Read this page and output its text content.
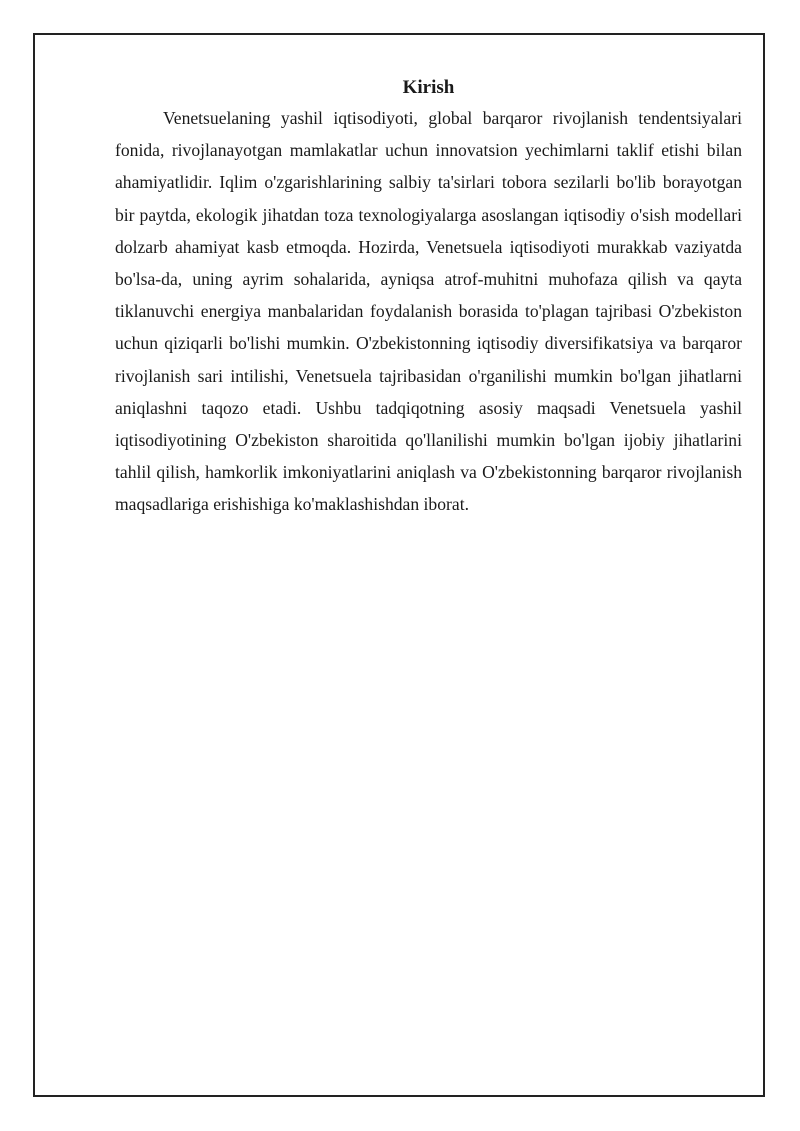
Kirish

Venetsuelaning yashil iqtisodiyoti, global barqaror rivojlanish tendentsiyalari fonida, rivojlanayotgan mamlakatlar uchun innovatsion yechimlarni taklif etishi bilan ahamiyatlidir. Iqlim o'zgarishlarining salbiy ta'sirlari tobora sezilarli bo'lib borayotgan bir paytda, ekologik jihatdan toza texnologiyalarga asoslangan iqtisodiy o'sish modellari dolzarb ahamiyat kasb etmoqda. Hozirda, Venetsuela iqtisodiyoti murakkab vaziyatda bo'lsa-da, uning ayrim sohalarida, ayniqsa atrof-muhitni muhofaza qilish va qayta tiklanuvchi energiya manbalaridan foydalanish borasida to'plagan tajribasi O'zbekiston uchun qiziqarli bo'lishi mumkin. O'zbekistonning iqtisodiy diversifikatsiya va barqaror rivojlanish sari intilishi, Venetsuela tajribasidan o'rganilishi mumkin bo'lgan jihatlarni aniqlashni taqozo etadi. Ushbu tadqiqotning asosiy maqsadi Venetsuela yashil iqtisodiyotining O'zbekiston sharoitida qo'llanilishi mumkin bo'lgan ijobiy jihatlarini tahlil qilish, hamkorlik imkoniyatlarini aniqlash va O'zbekistonning barqaror rivojlanish maqsadlariga erishishiga ko'maklashishdan iborat.
